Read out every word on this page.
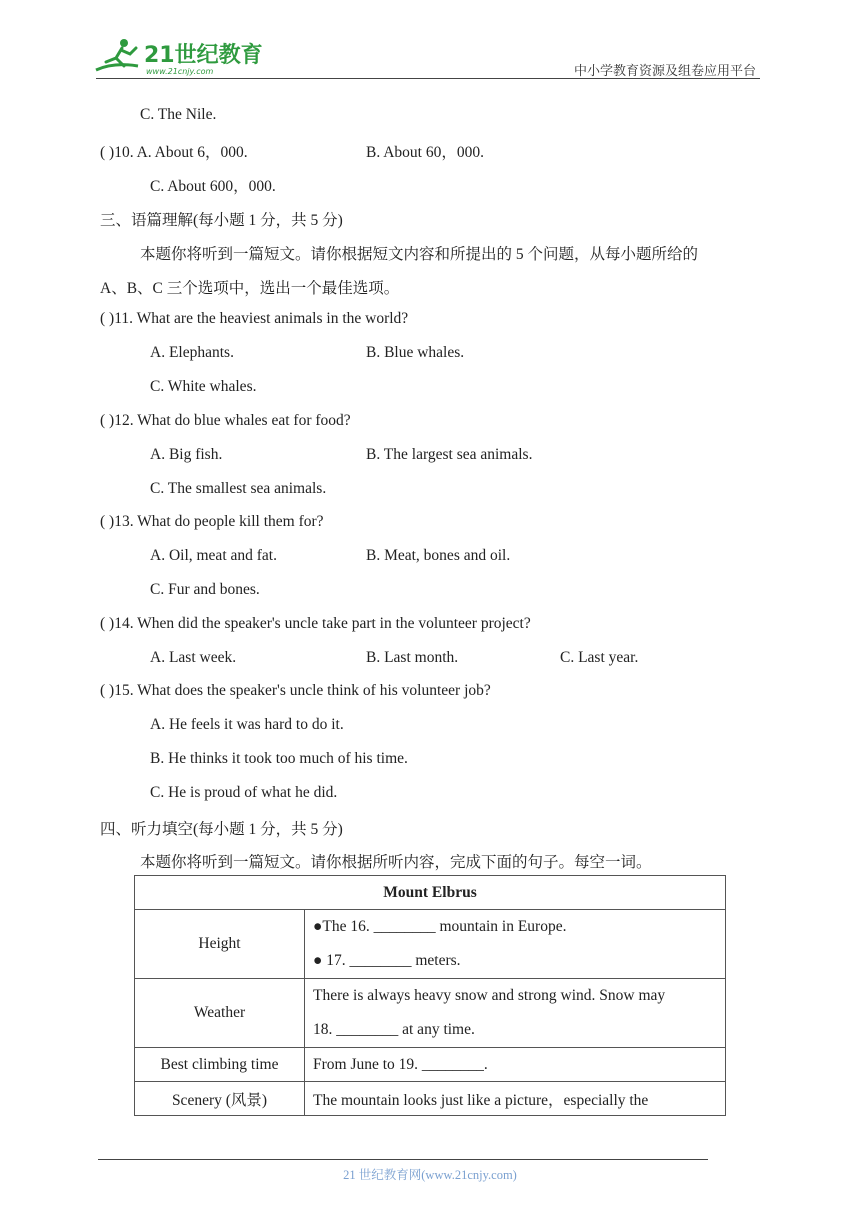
21世纪教育
www.21cnjy.com	中小学教育资源及组卷应用平台
C. The Nile.
( )10. A. About 6，000.	B. About 60，000.
C. About 600，000.
三、语篇理解(每小题 1 分，共 5 分)
本题你将听到一篇短文。请你根据短文内容和所提出的 5 个问题，从每小题所给的
A、B、C 三个选项中，选出一个最佳选项。
( )11. What are the heaviest animals in the world?
A. Elephants.	B. Blue whales.
C. White whales.
( )12. What do blue whales eat for food?
A. Big fish.	B. The largest sea animals.
C. The smallest sea animals.
( )13. What do people kill them for?
A. Oil, meat and fat.	B. Meat, bones and oil.
C. Fur and bones.
( )14. When did the speaker's uncle take part in the volunteer project?
A. Last week.	B. Last month.	C. Last year.
( )15. What does the speaker's uncle think of his volunteer job?
A. He feels it was hard to do it.
B. He thinks it took too much of his time.
C. He is proud of what he did.
四、听力填空(每小题 1 分，共 5 分)
本题你将听到一篇短文。请你根据所听内容，完成下面的句子。每空一词。
Mount Elbrus	
Height	●The 16. ________ mountain in Europe.
● 17. ________ meters.

Weather	There is always heavy snow and strong wind. Snow may
18. ________ at any time.

Best climbing time	From June to 19. ________.
Scenery (风景)	The mountain looks just like a picture，especially the
21 世纪教育网(www.21cnjy.com)
